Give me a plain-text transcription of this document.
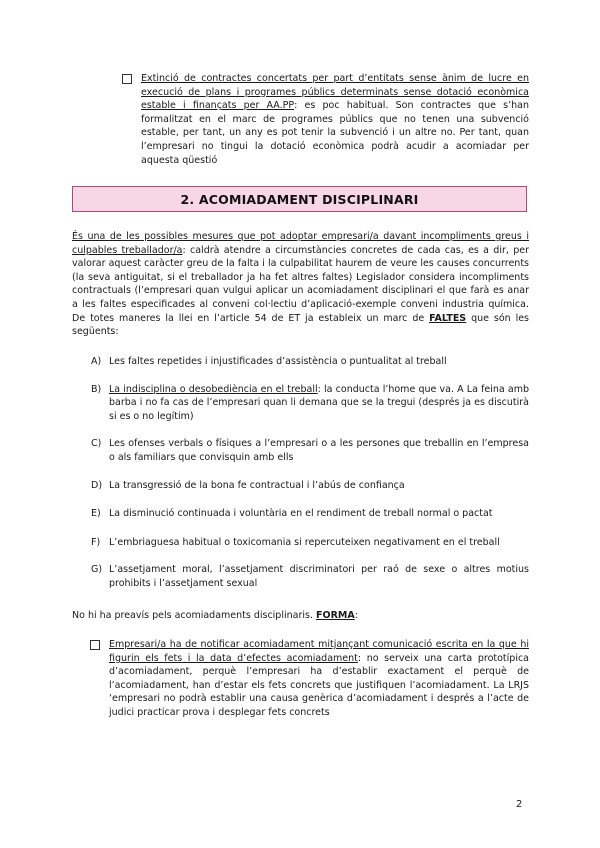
Extinció de contractes concertats per part d’entitats sense ànim de lucre en execució de plans i programes públics determinats sense dotació econòmica estable i finançats per AA.PP: es poc habitual. Son contractes que s’han formalitzat en el marc de programes públics que no tenen una subvenció estable, per tant, un any es pot tenir la subvenció i un altre no. Per tant, quan l’empresari no tingui la dotació econòmica podrà acudir a acomiadar per aquesta qüestió
2. ACOMIADAMENT DISCIPLINARI
És una de les possibles mesures que pot adoptar empresari/a davant incompliments greus i culpables treballador/a: caldrà atendre a circumstàncies concretes de cada cas, es a dir, per valorar aquest caràcter greu de la falta i la culpabilitat haurem de veure les causes concurrents (la seva antiguitat, si el treballador ja ha fet altres faltes) Legislador considera incompliments contractuals (l’empresari quan vulgui aplicar un acomiadament disciplinari el que farà es anar a les faltes especificades al conveni col·lectiu d’aplicació-exemple conveni industria química. De totes maneres la llei en l’article 54 de ET ja estableix un marc de FALTES que són les següents:
A) Les faltes repetides i injustificades d’assistència o puntualitat al treball
B) La indisciplina o desobediència en el treball: la conducta l’home que va. A La feina amb barba i no fa cas de l’empresari quan li demana que se la tregui (després ja es discutirà si es o no legítim)
C) Les ofenses verbals o físiques a l’empresari o a les persones que treballin en l’empresa o als familiars que convisquin amb ells
D) La transgressió de la bona fe contractual i l’abús de confiança
E) La disminució continuada i voluntària en el rendiment de treball normal o pactat
F) L’embriaguesa habitual o toxicomania si repercuteixen negativament en el treball
G) L’assetjament moral, l’assetjament discriminatori per raó de sexe o altres motius prohibits i l’assetjament sexual
No hi ha preavís pels acomiadaments disciplinaris. FORMA:
Empresari/a ha de notificar acomiadament mitjançant comunicació escrita en la que hi figurin els fets i la data d’efectes acomiadament: no serveix una carta prototípica d’acomiadament, perquè l’empresari ha d’establir exactament el perquè de l’acomiadament, han d’estar els fets concrets que justifiquen l’acomiadament. La LRJS ‘empresari no podrà establir una causa genèrica d’acomiadament i després a l’acte de judici practicar prova i desplegar fets concrets
2
